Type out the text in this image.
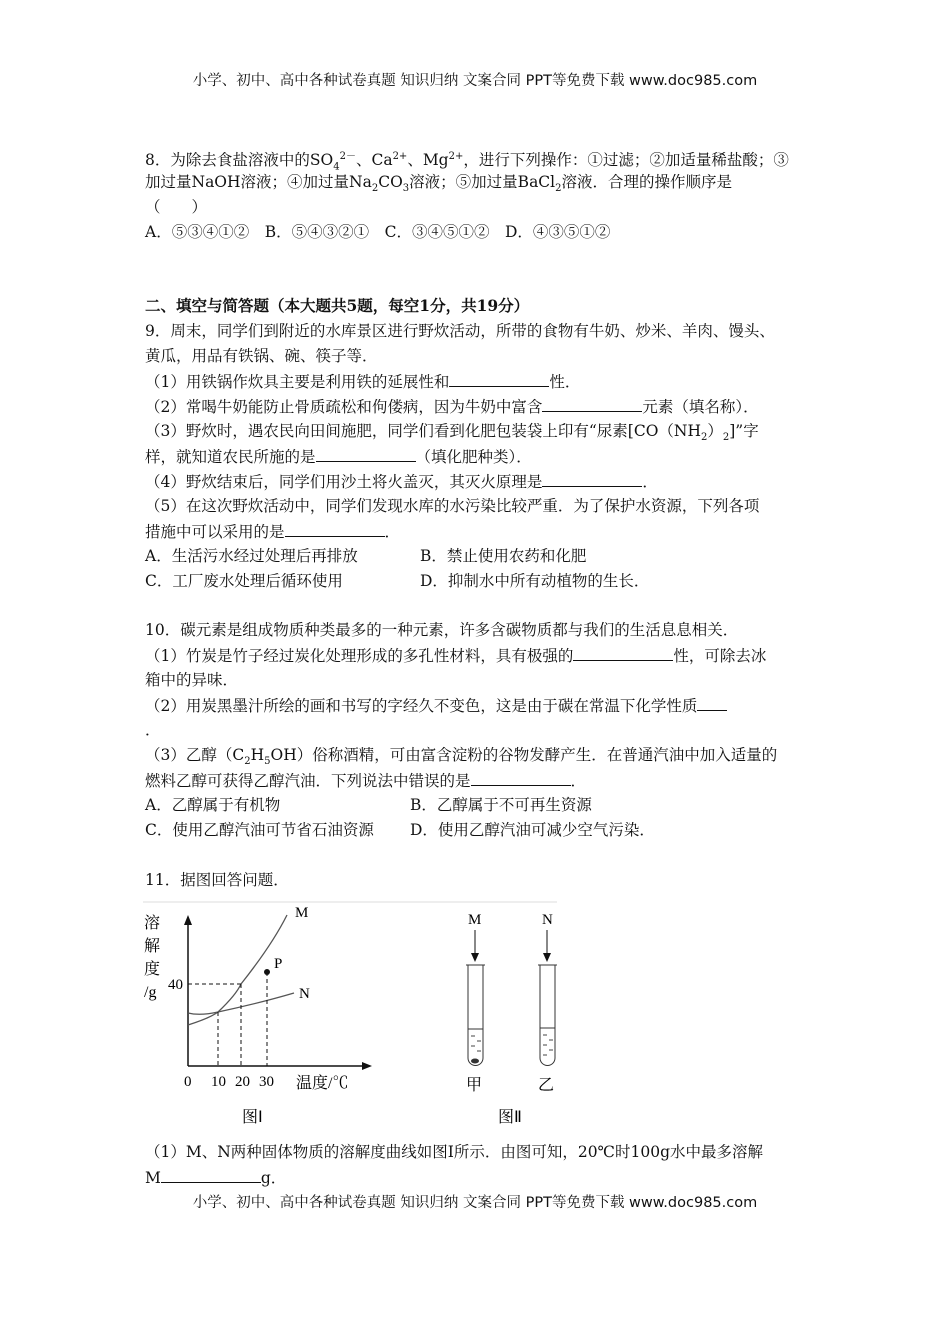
小学、初中、高中各种试卷真题 知识归纳 文案合同 PPT等免费下载 www.doc985.com
8．为除去食盐溶液中的$SO_4^{2-}$、$Ca^{2+}$、$Mg^{2+}$，进行下列操作：①过滤；②加适量稀盐酸；③
加过量NaOH溶液；④加过量$Na_2CO_3$溶液；⑤加过量BaCl$_2$溶液．合理的操作顺序是
（　　）
A．⑤③④①②  B．⑤④③②①  C．③④⑤①②  D．④③⑤①②
二、填空与简答题（本大题共5题，每空1分，共19分）
9．周末，同学们到附近的水库景区进行野炊活动，所带的食物有牛奶、炒米、羊肉、馒头、
黄瓜，用品有铁锅、碗、筷子等．
（1）用铁锅作炊具主要是利用铁的延展性和	性．
（2）常喝牛奶能防止骨质疏松和佝偻病，因为牛奶中富含	元素（填名称）．
（3）野炊时，遇农民向田间施肥，同学们看到化肥包装袋上印有“尿素$[CO(NH_2)_2]$”字
样，就知道农民所施的是	（填化肥种类）．
（4）野炊结束后，同学们用沙土将火盖灭，其灭火原理是	．
（5）在这次野炊活动中，同学们发现水库的水污染比较严重．为了保护水资源，下列各项
措施中可以采用的是	．
A．生活污水经过处理后再排放	B．禁止使用农药和化肥
C．工厂废水处理后循环使用	D．抑制水中所有动植物的生长．
10．碳元素是组成物质种类最多的一种元素，许多含碳物质都与我们的生活息息相关．
（1）竹炭是竹子经过炭化处理形成的多孔性材料，具有极强的	性，可除去冰
箱中的异味．
（2）用炭黑墨汁所绘的画和书写的字经久不变色，这是由于碳在常温下化学性质
．
（3）乙醇$(C_2H_5OH)$俗称酒精，可由富含淀粉的谷物发酵产生．在普通汽油中加入适量的
燃料乙醇可获得乙醇汽油．下列说法中错误的是	．
A．乙醇属于有机物	B．乙醇属于不可再生资源
C．使用乙醇汽油可节省石油资源 D．使用乙醇汽油可减少空气污染．
11．据图回答问题．
溶
解
度
/g 40
0 10 20 30 温度/℃
M
N
P
图Ⅰ
M	N
甲	乙
图Ⅱ
（1）M、N两种固体物质的溶解度曲线如图Ⅰ所示．由图可知，20℃时100g水中最多溶解
M	g．
小学、初中、高中各种试卷真题 知识归纳 文案合同 PPT等免费下载 www.doc985.com
